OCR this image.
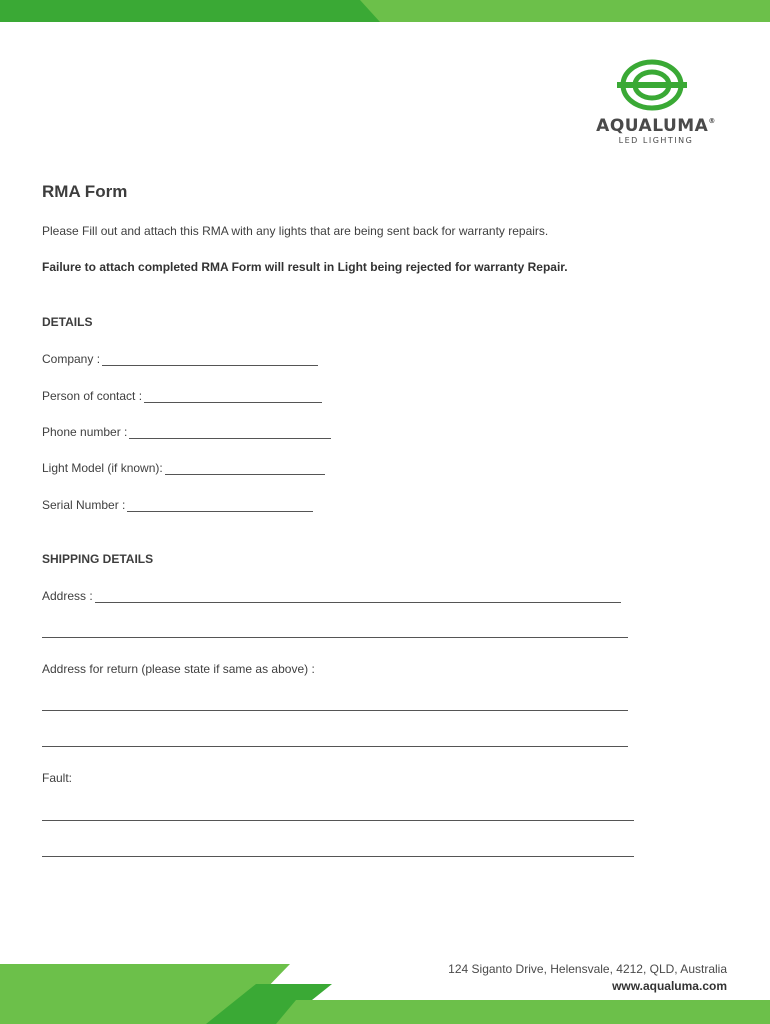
AQUALUMA®
LED LIGHTING
RMA Form

Please Fill out and attach this RMA with any lights that are being sent back for warranty repairs.

Failure to attach completed RMA Form will result in Light being rejected for warranty Repair.

DETAILS
Company :
Person of contact :
Phone number :
Light Model (if known):
Serial Number :
SHIPPING DETAILS
Address :
Address for return (please state if same as above) :
Fault:

124 Siganto Drive, Helensvale, 4212, QLD, Australia

www.aqualuma.com
